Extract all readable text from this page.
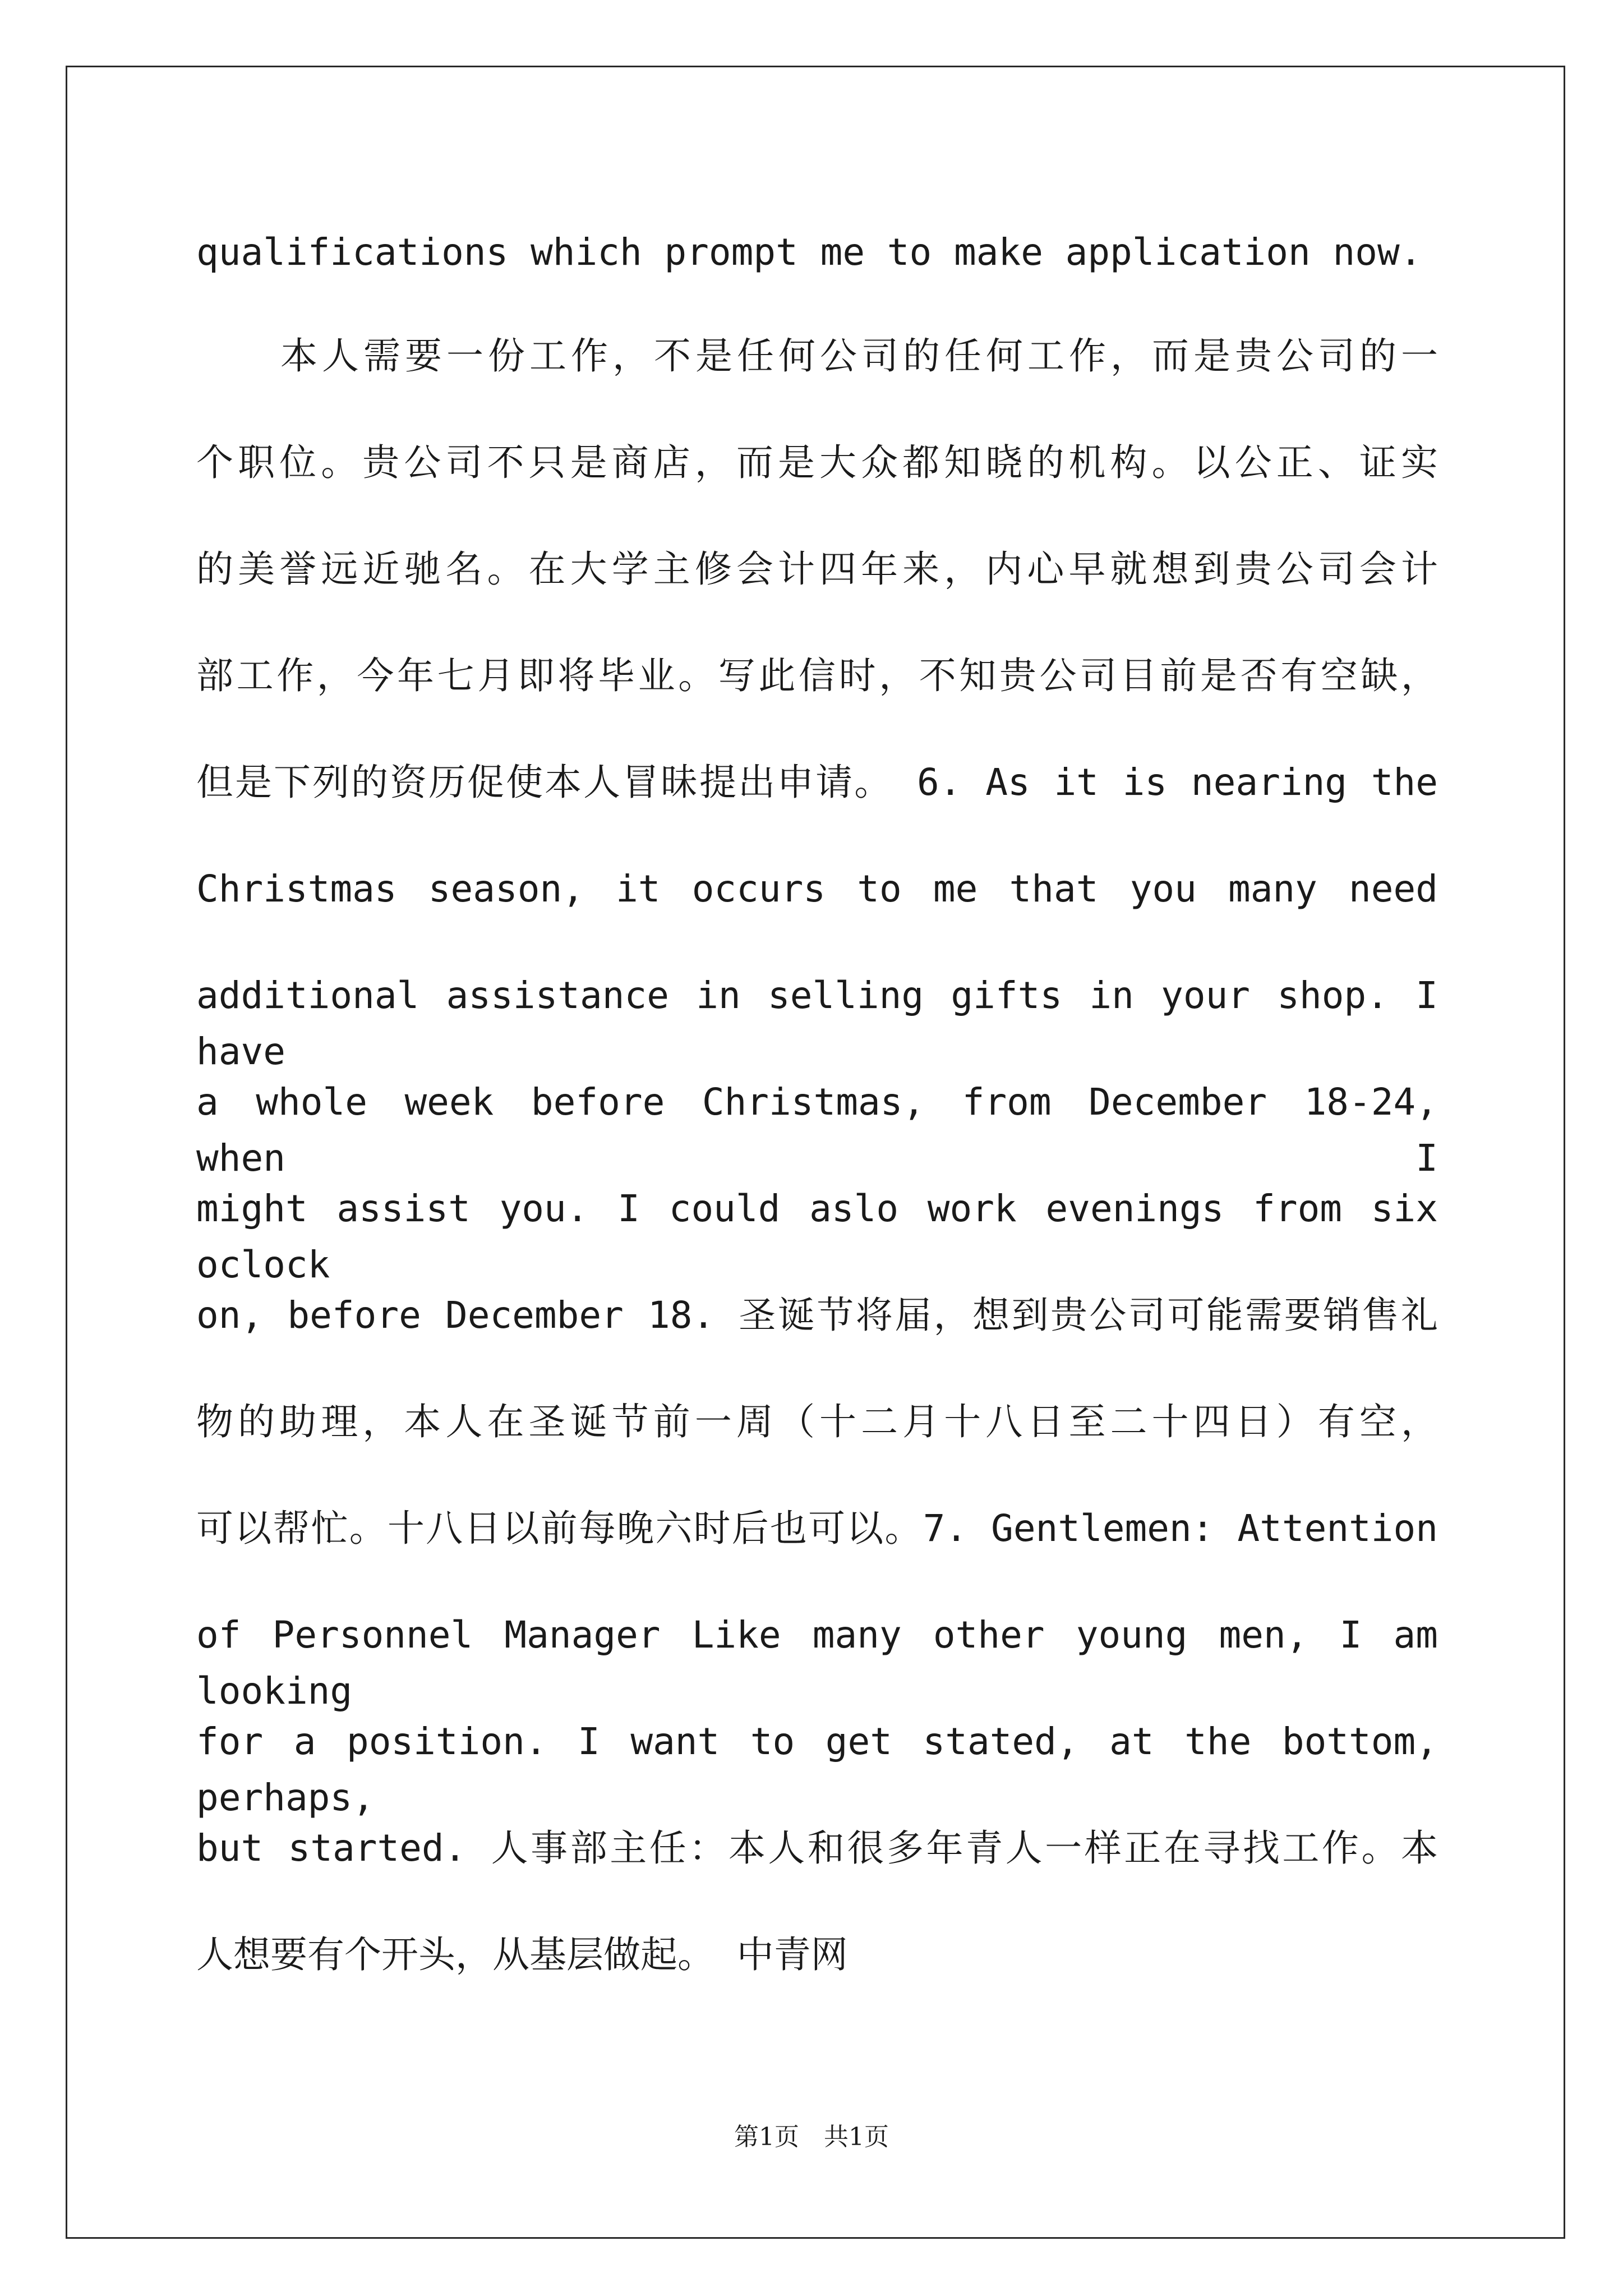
qualifications which prompt me to make application now.
本人需要一份工作，不是任何公司的任何工作，而是贵公司的一
个职位。贵公司不只是商店，而是大众都知晓的机构。以公正、证实
的美誉远近驰名。在大学主修会计四年来，内心早就想到贵公司会计
部工作，今年七月即将毕业。写此信时，不知贵公司目前是否有空缺，
但是下列的资历促使本人冒昧提出申请。 6. As it is nearing the
Christmas season, it occurs to me that you many need
additional assistance in selling gifts in your shop. I have
a whole week before Christmas, from December 18-24, when I
might assist you. I could aslo work evenings from six oclock
on, before December 18. 圣诞节将届，想到贵公司可能需要销售礼
物的助理，本人在圣诞节前一周（十二月十八日至二十四日）有空，
可以帮忙。十八日以前每晚六时后也可以。7. Gentlemen: Attention
of Personnel Manager Like many other young men, I am looking
for a position. I want to get stated, at the bottom, perhaps,
but started. 人事部主任：本人和很多年青人一样正在寻找工作。本
人想要有个开头，从基层做起。 中青网
第1页　共1页
